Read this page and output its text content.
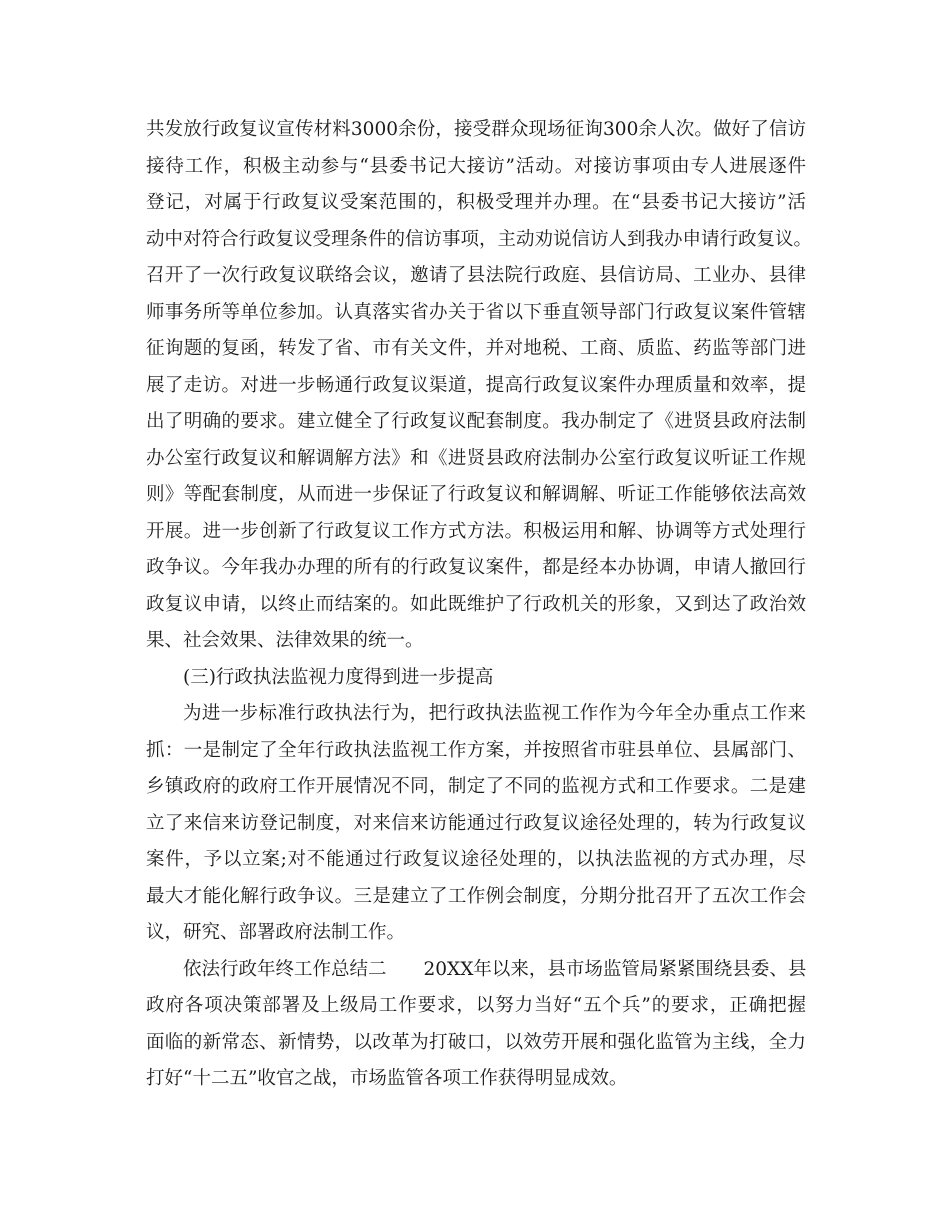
共发放行政复议宣传材料3000余份，接受群众现场征询300余人次。做好了信访
接待工作，积极主动参与“县委书记大接访”活动。对接访事项由专人进展逐件
登记，对属于行政复议受案范围的，积极受理并办理。在“县委书记大接访”活
动中对符合行政复议受理条件的信访事项，主动劝说信访人到我办申请行政复议。
召开了一次行政复议联络会议，邀请了县法院行政庭、县信访局、工业办、县律
师事务所等单位参加。认真落实省办关于省以下垂直领导部门行政复议案件管辖
征询题的复函，转发了省、市有关文件，并对地税、工商、质监、药监等部门进
展了走访。对进一步畅通行政复议渠道，提高行政复议案件办理质量和效率，提
出了明确的要求。建立健全了行政复议配套制度。我办制定了《进贤县政府法制
办公室行政复议和解调解方法》和《进贤县政府法制办公室行政复议听证工作规
则》等配套制度，从而进一步保证了行政复议和解调解、听证工作能够依法高效
开展。进一步创新了行政复议工作方式方法。积极运用和解、协调等方式处理行
政争议。今年我办办理的所有的行政复议案件，都是经本办协调，申请人撤回行
政复议申请，以终止而结案的。如此既维护了行政机关的形象，又到达了政治效
果、社会效果、法律效果的统一。
(三)行政执法监视力度得到进一步提高
为进一步标准行政执法行为，把行政执法监视工作作为今年全办重点工作来
抓：一是制定了全年行政执法监视工作方案，并按照省市驻县单位、县属部门、
乡镇政府的政府工作开展情况不同，制定了不同的监视方式和工作要求。二是建
立了来信来访登记制度，对来信来访能通过行政复议途径处理的，转为行政复议
案件，予以立案;对不能通过行政复议途径处理的，以执法监视的方式办理，尽
最大才能化解行政争议。三是建立了工作例会制度，分期分批召开了五次工作会
议，研究、部署政府法制工作。
依法行政年终工作总结二　　20XX年以来，县市场监管局紧紧围绕县委、县
政府各项决策部署及上级局工作要求，以努力当好“五个兵”的要求，正确把握
面临的新常态、新情势，以改革为打破口，以效劳开展和强化监管为主线，全力
打好“十二五”收官之战，市场监管各项工作获得明显成效。
